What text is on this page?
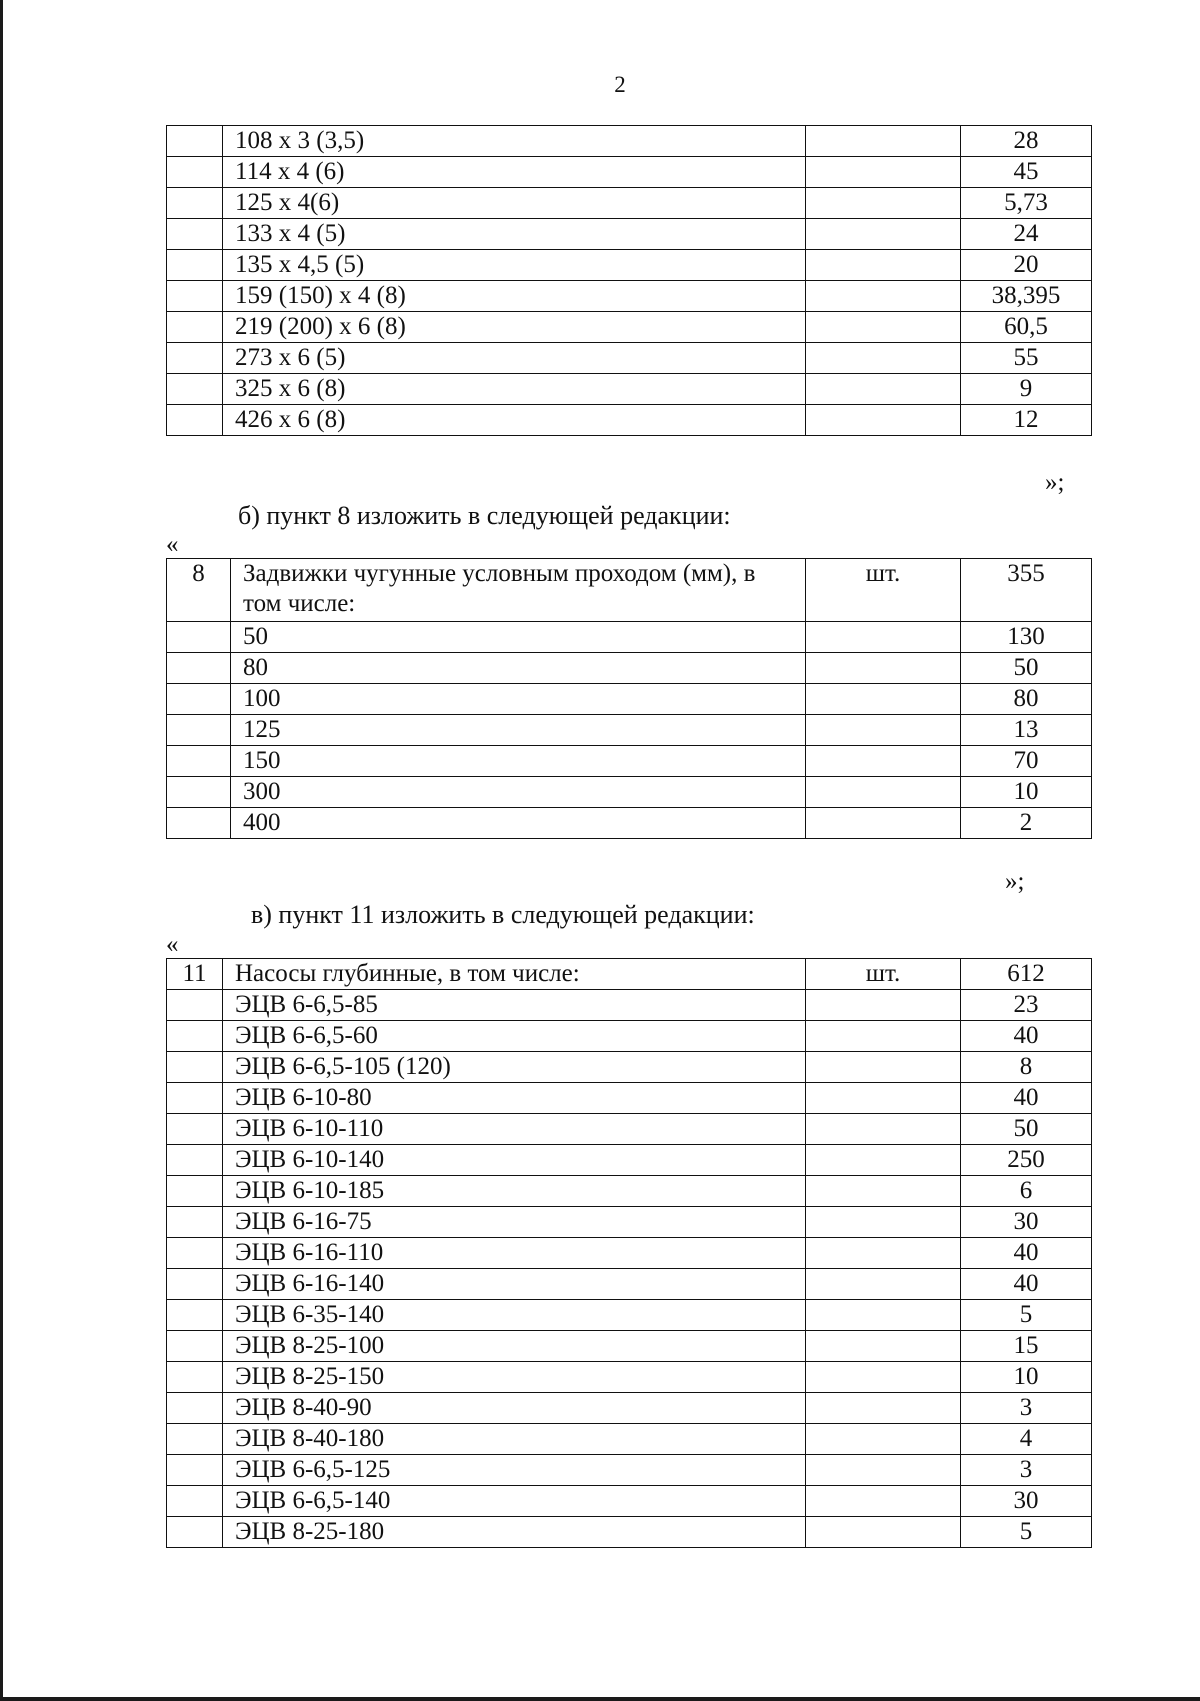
2
	108 х 3 (3,5)		28
	114 х 4 (6)		45
	125 х 4(6)		5,73
	133 х 4 (5)		24
	135 х 4,5 (5)		20
	159 (150) х 4 (8)		38,395
	219 (200) х 6 (8)		60,5
	273 х 6 (5)		55
	325 х 6 (8)		9
	426 х 6 (8)		12
»;
б) пункт 8 изложить в следующей редакции:
«
8	Задвижки чугунные условным проходом (мм), в том числе:	шт.	355
	50		130
	80		50
	100		80
	125		13
	150		70
	300		10
	400		2
»;
в) пункт 11 изложить в следующей редакции:
«
11	Насосы глубинные, в том числе:	шт.	612
	ЭЦВ 6-6,5-85		23
	ЭЦВ 6-6,5-60		40
	ЭЦВ 6-6,5-105 (120)		8
	ЭЦВ 6-10-80		40
	ЭЦВ 6-10-110		50
	ЭЦВ 6-10-140		250
	ЭЦВ 6-10-185		6
	ЭЦВ 6-16-75		30
	ЭЦВ 6-16-110		40
	ЭЦВ 6-16-140		40
	ЭЦВ 6-35-140		5
	ЭЦВ 8-25-100		15
	ЭЦВ 8-25-150		10
	ЭЦВ 8-40-90		3
	ЭЦВ 8-40-180		4
	ЭЦВ 6-6,5-125		3
	ЭЦВ 6-6,5-140		30
	ЭЦВ 8-25-180		5
